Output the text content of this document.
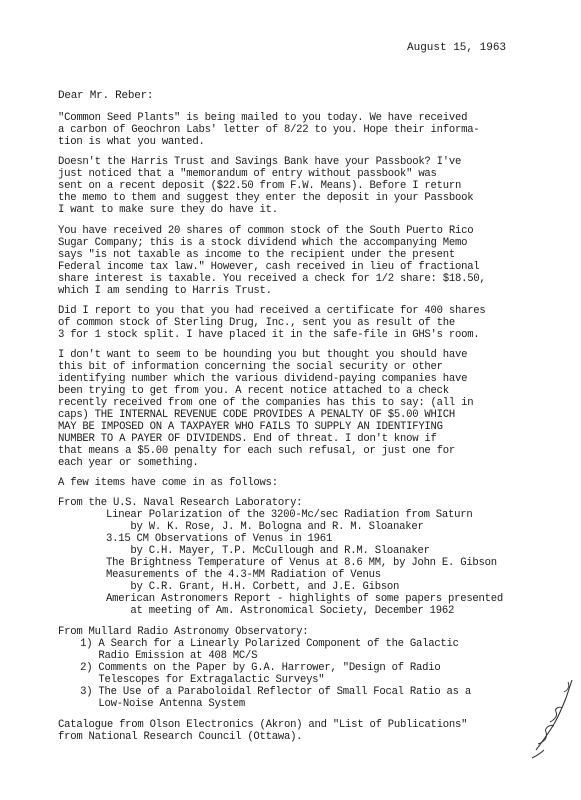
August 15, 1963
Dear Mr. Reber:
"Common Seed Plants" is being mailed to you today. We have received
a carbon of Geochron Labs' letter of 8/22 to you. Hope their informa-
tion is what you wanted.
Doesn't the Harris Trust and Savings Bank have your Passbook? I've
just noticed that a "memorandum of entry without passbook" was
sent on a recent deposit ($22.50 from F.W. Means). Before I return
the memo to them and suggest they enter the deposit in your Passbook
I want to make sure they do have it.
You have received 20 shares of common stock of the South Puerto Rico
Sugar Company; this is a stock dividend which the accompanying Memo
says "is not taxable as income to the recipient under the present
Federal income tax law." However, cash received in lieu of fractional
share interest is taxable. You received a check for 1/2 share: $18.50,
which I am sending to Harris Trust.
Did I report to you that you had received a certificate for 400 shares
of common stock of Sterling Drug, Inc., sent you as result of the
3 for 1 stock split. I have placed it in the safe-file in GHS's room.
I don't want to seem to be hounding you but thought you should have
this bit of information concerning the social security or other
identifying number which the various dividend-paying companies have
been trying to get from you. A recent notice attached to a check
recently received from one of the companies has this to say: (all in
caps) THE INTERNAL REVENUE CODE PROVIDES A PENALTY OF $5.00 WHICH
MAY BE IMPOSED ON A TAXPAYER WHO FAILS TO SUPPLY AN IDENTIFYING
NUMBER TO A PAYER OF DIVIDENDS. End of threat. I don't know if
that means a $5.00 penalty for each such refusal, or just one for
each year or something.
A few items have come in as follows:
From the U.S. Naval Research Laboratory:
Linear Polarization of the 3200-Mc/sec Radiation from Saturn
by W. K. Rose, J. M. Bologna and R. M. Sloanaker
3.15 CM Observations of Venus in 1961
by C.H. Mayer, T.P. McCullough and R.M. Sloanaker
The Brightness Temperature of Venus at 8.6 MM, by John E. Gibson
Measurements of the 4.3-MM Radiation of Venus
by C.R. Grant, H.H. Corbett, and J.E. Gibson
American Astronomers Report - highlights of some papers presented
at meeting of Am. Astronomical Society, December 1962
From Mullard Radio Astronomy Observatory:
1) A Search for a Linearly Polarized Component of the Galactic
Radio Emission at 408 MC/S
2) Comments on the Paper by G.A. Harrower, "Design of Radio
Telescopes for Extragalactic Surveys"
3) The Use of a Paraboloidal Reflector of Small Focal Ratio as a
Low-Noise Antenna System
Catalogue from Olson Electronics (Akron) and "List of Publications"
from National Research Council (Ottawa).
